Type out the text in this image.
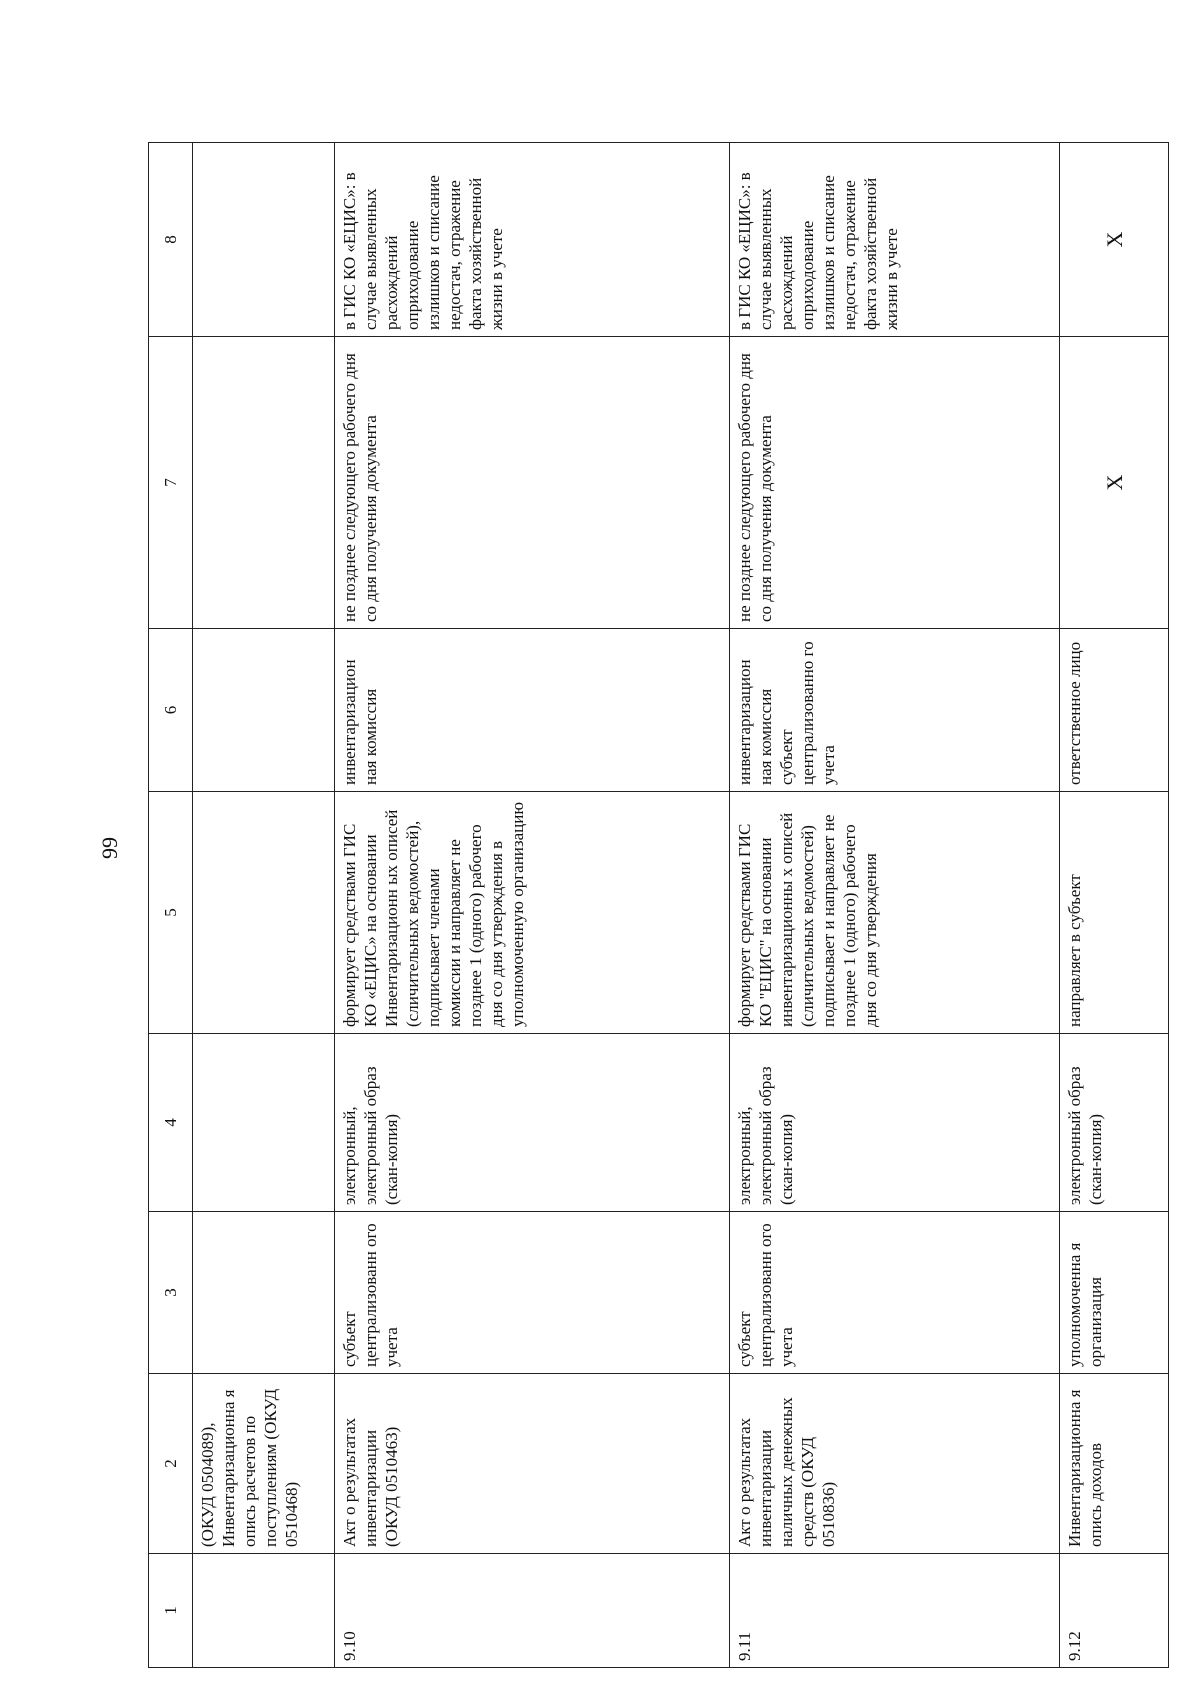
99
1	2	3	4	5	6	7	8
	(ОКУД 0504089), Инвентаризационна я опись расчетов по поступлениям (ОКУД 0510468)						
9.10	Акт о результатах инвентаризации (ОКУД 0510463)	субъект централизованн ого учета	электронный, электронный образ (скан-копия)	формирует средствами ГИС КО «ЕЦИС» на основании Инвентаризационн ых описей (сличительных ведомостей), подписывает членами комиссии и направляет не позднее 1 (одного) рабочего дня со дня утверждения в уполномоченную организацию	инвентаризацион ная комиссия	не позднее следующего рабочего дня со дня получения документа	в ГИС КО «ЕЦИС»: в случае выявленных расхождений оприходование излишков и списание недостач, отражение факта хозяйственной жизни в учете
9.11	Акт о результатах инвентаризации наличных денежных средств (ОКУД 0510836)	субъект централизованн ого учета	электронный, электронный образ (скан-копия)	формирует средствами ГИС КО "ЕЦИС" на основании инвентаризационны х описей (сличительных ведомостей) подписывает и направляет не позднее 1 (одного) рабочего дня со дня утверждения	инвентаризацион ная комиссия субъект централизованно го учета	не позднее следующего рабочего дня со дня получения документа	в ГИС КО «ЕЦИС»: в случае выявленных расхождений оприходование излишков и списание недостач, отражение факта хозяйственной жизни в учете
9.12	Инвентаризационна я опись доходов	уполномоченна я организация	электронный образ (скан-копия)	направляет в субъект	ответственное лицо	X	X
